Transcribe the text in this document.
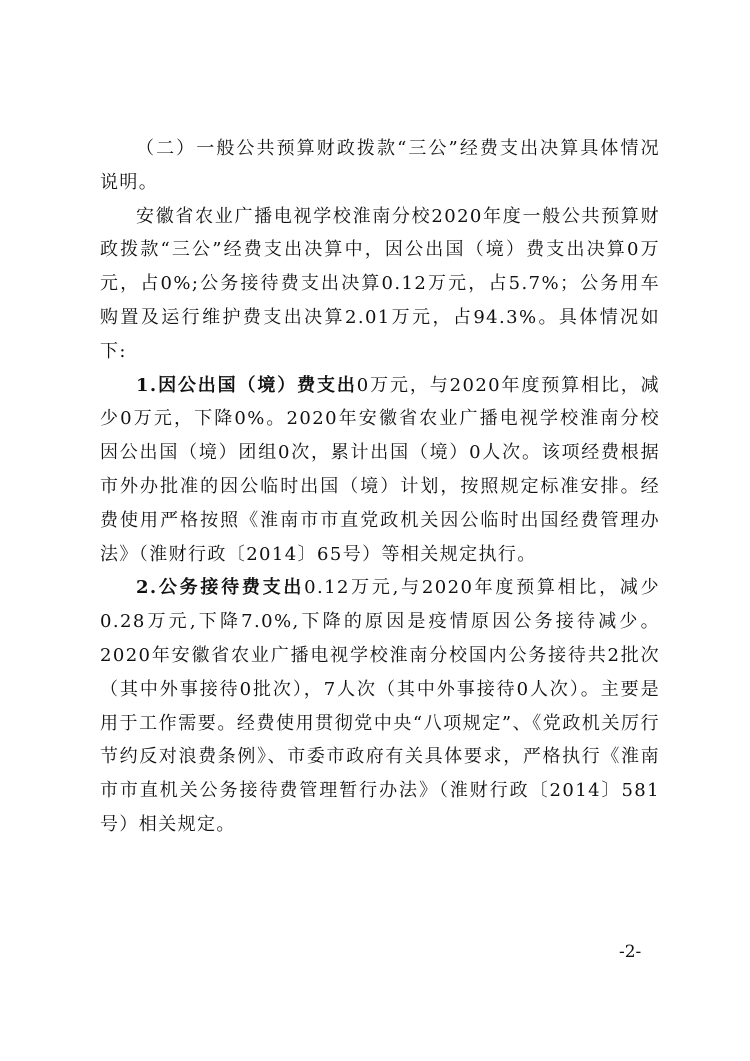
（二）一般公共预算财政拨款“三公”经费支出决算具体情况说明。

安徽省农业广播电视学校淮南分校2020年度一般公共预算财政拨款“三公”经费支出决算中，因公出国（境）费支出决算0万元，占0%;公务接待费支出决算0.12万元，占5.7%；公务用车购置及运行维护费支出决算2.01万元，占94.3%。具体情况如下:

1.因公出国（境）费支出0万元，与2020年度预算相比，减少0万元，下降0%。2020年安徽省农业广播电视学校淮南分校因公出国（境）团组0次，累计出国（境）0人次。该项经费根据市外办批准的因公临时出国（境）计划，按照规定标准安排。经费使用严格按照《淮南市市直党政机关因公临时出国经费管理办法》（淮财行政〔2014〕65号）等相关规定执行。

2.公务接待费支出0.12万元,与2020年度预算相比，减少0.28万元,下降7.0%,下降的原因是疫情原因公务接待减少。2020年安徽省农业广播电视学校淮南分校国内公务接待共2批次（其中外事接待0批次），7人次（其中外事接待0人次）。主要是用于工作需要。经费使用贯彻党中央“八项规定”、《党政机关厉行节约反对浪费条例》、市委市政府有关具体要求，严格执行《淮南市市直机关公务接待费管理暂行办法》（淮财行政〔2014〕581号）相关规定。

-2-
